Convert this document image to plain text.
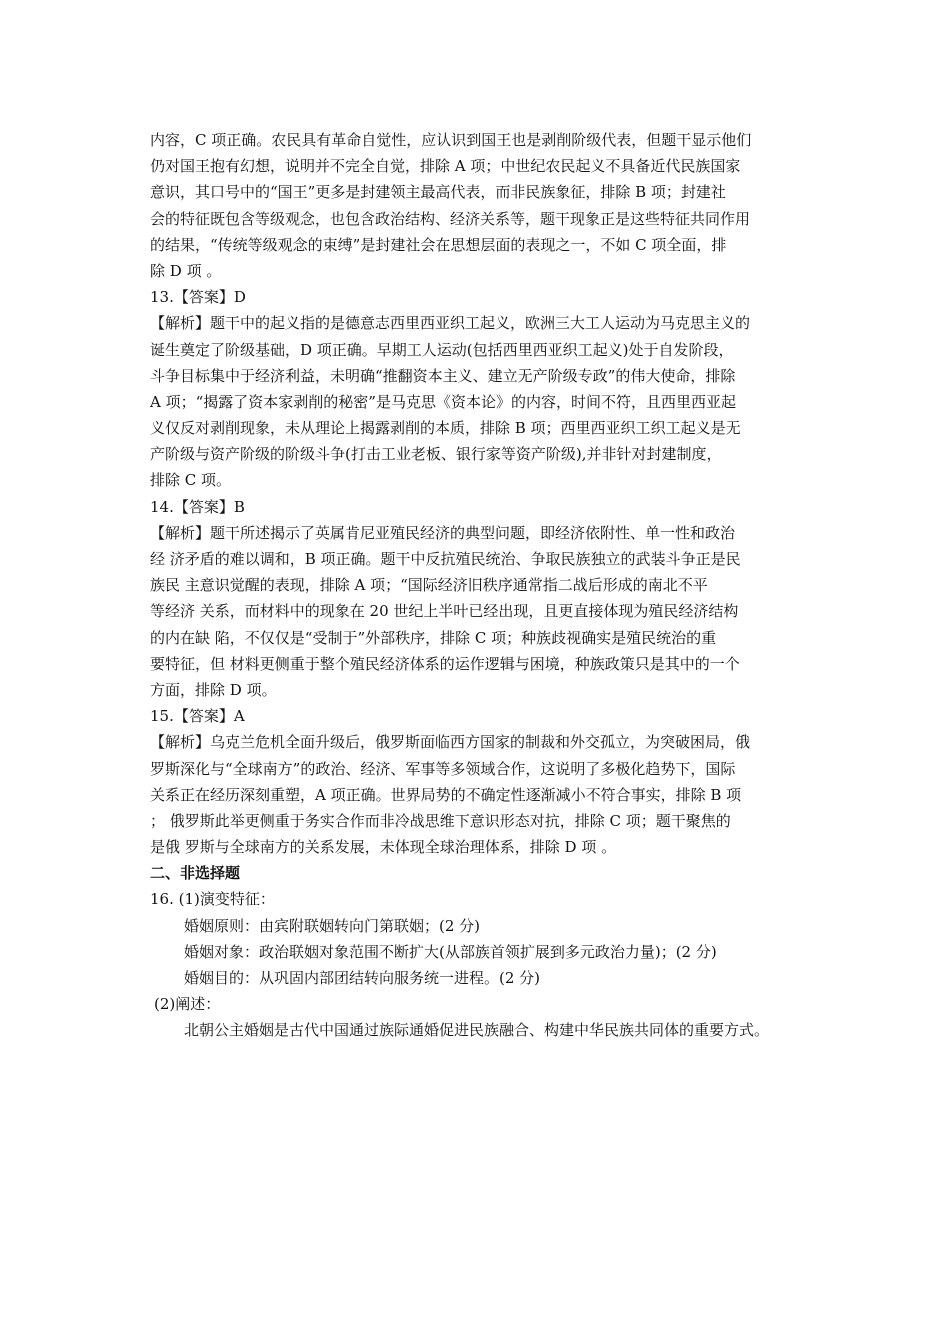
内容，C 项正确。农民具有革命自觉性，应认识到国王也是剥削阶级代表，但题干显示他们
仍对国王抱有幻想，说明并不完全自觉，排除 A 项；中世纪农民起义不具备近代民族国家
意识，其口号中的“国王”更多是封建领主最高代表，而非民族象征，排除 B 项；封建社
会的特征既包含等级观念，也包含政治结构、经济关系等，题干现象正是这些特征共同作用
的结果，“传统等级观念的束缚”是封建社会在思想层面的表现之一，不如 C 项全面，排
除 D 项 。
13.【答案】D
【解析】题干中的起义指的是德意志西里西亚织工起义，欧洲三大工人运动为马克思主义的
诞生奠定了阶级基础，D 项正确。早期工人运动(包括西里西亚织工起义)处于自发阶段，
斗争目标集中于经济利益，未明确“推翻资本主义、建立无产阶级专政”的伟大使命，排除
A 项；“揭露了资本家剥削的秘密”是马克思《资本论》的内容，时间不符，且西里西亚起
义仅反对剥削现象，未从理论上揭露剥削的本质，排除 B 项；西里西亚织工织工起义是无
产阶级与资产阶级的阶级斗争(打击工业老板、银行家等资产阶级),并非针对封建制度，
排除 C 项。
14.【答案】B
【解析】题干所述揭示了英属肯尼亚殖民经济的典型问题，即经济依附性、单一性和政治
经 济矛盾的难以调和，B 项正确。题干中反抗殖民统治、争取民族独立的武装斗争正是民
族民 主意识觉醒的表现，排除 A 项；“国际经济旧秩序通常指二战后形成的南北不平
等经济 关系，而材料中的现象在 20 世纪上半叶已经出现，且更直接体现为殖民经济结构
的内在缺 陷，不仅仅是“受制于”外部秩序，排除 C 项；种族歧视确实是殖民统治的重
要特征，但 材料更侧重于整个殖民经济体系的运作逻辑与困境，种族政策只是其中的一个
方面，排除 D 项。
15.【答案】A
【解析】乌克兰危机全面升级后，俄罗斯面临西方国家的制裁和外交孤立，为突破困局，俄
罗斯深化与“全球南方”的政治、经济、军事等多领域合作，这说明了多极化趋势下，国际
关系正在经历深刻重塑，A 项正确。世界局势的不确定性逐渐减小不符合事实，排除 B 项
； 俄罗斯此举更侧重于务实合作而非冷战思维下意识形态对抗，排除 C 项；题干聚焦的
是俄 罗斯与全球南方的关系发展，未体现全球治理体系，排除 D 项 。
二、非选择题
16. (1)演变特征：
婚姻原则：由宾附联姻转向门第联姻；(2 分)
婚姻对象：政治联姻对象范围不断扩大(从部族首领扩展到多元政治力量)；(2 分)
婚姻目的：从巩固内部团结转向服务统一进程。(2 分)
(2)阐述：
北朝公主婚姻是古代中国通过族际通婚促进民族融合、构建中华民族共同体的重要方式。
